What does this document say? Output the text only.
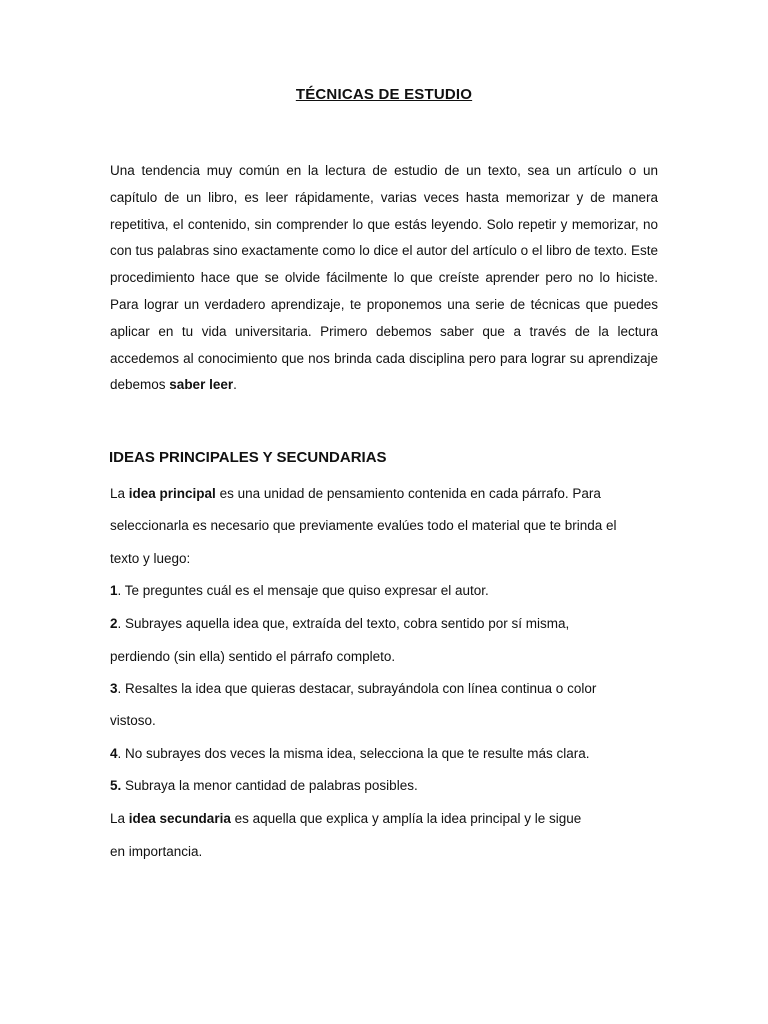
TÉCNICAS DE ESTUDIO

Una tendencia muy común en la lectura de estudio de un texto, sea un artículo o un capítulo de un libro, es leer rápidamente, varias veces hasta memorizar y de manera repetitiva, el contenido, sin comprender lo que estás leyendo. Solo repetir y memorizar, no con tus palabras sino exactamente como lo dice el autor del artículo o el libro de texto. Este procedimiento hace que se olvide fácilmente lo que creíste aprender pero no lo hiciste. Para lograr un verdadero aprendizaje, te proponemos una serie de técnicas que puedes aplicar en tu vida universitaria. Primero debemos saber que a través de la lectura accedemos al conocimiento que nos brinda cada disciplina pero para lograr su aprendizaje debemos saber leer.

IDEAS PRINCIPALES Y SECUNDARIAS

La idea principal es una unidad de pensamiento contenida en cada párrafo. Para

seleccionarla es necesario que previamente evalúes todo el material que te brinda el

texto y luego:

1. Te preguntes cuál es el mensaje que quiso expresar el autor.

2. Subrayes aquella idea que, extraída del texto, cobra sentido por sí misma,

perdiendo (sin ella) sentido el párrafo completo.

3. Resaltes la idea que quieras destacar, subrayándola con línea continua o color

vistoso.

4. No subrayes dos veces la misma idea, selecciona la que te resulte más clara.

5. Subraya la menor cantidad de palabras posibles.

La idea secundaria es aquella que explica y amplía la idea principal y le sigue

en importancia.
